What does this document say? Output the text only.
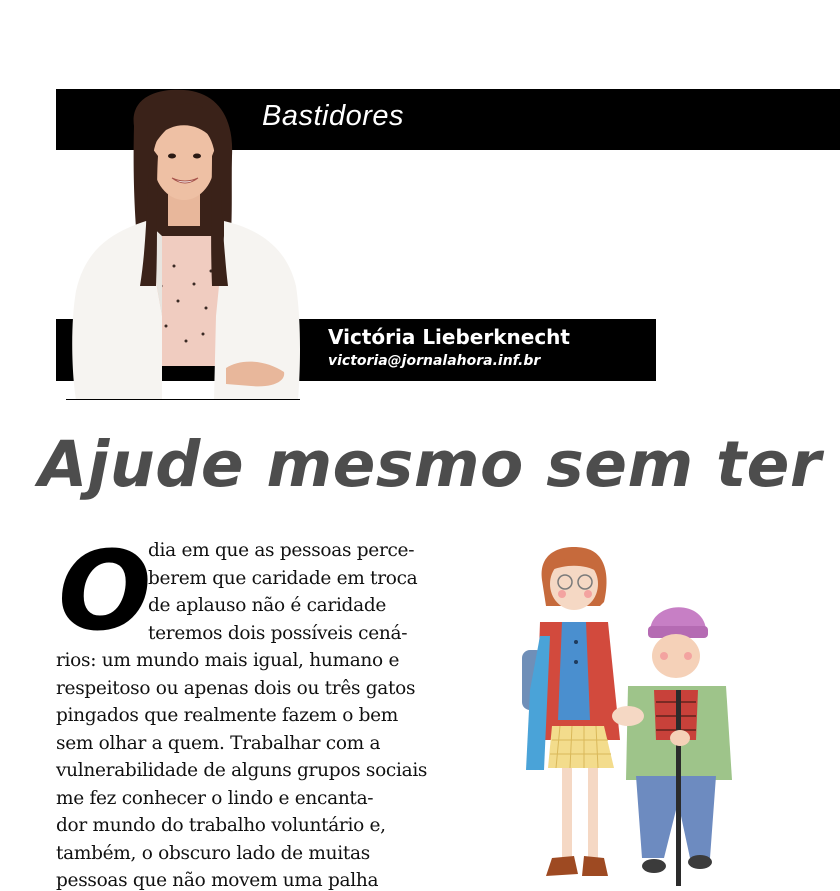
Bastidores
Victória Lieberknecht
victoria@jornalahora.inf.br
Ajude mesmo sem ter
O
dia em que as pessoas perce-
berem que caridade em troca
de aplauso não é caridade
teremos dois possíveis cená-
rios: um mundo mais igual, humano e
respeitoso ou apenas dois ou três gatos
pingados que realmente fazem o bem
sem olhar a quem. Trabalhar com a
vulnerabilidade de alguns grupos sociais
me fez conhecer o lindo e encanta-
dor mundo do trabalho voluntário e,
também, o obscuro lado de muitas
pessoas que não movem uma palha
